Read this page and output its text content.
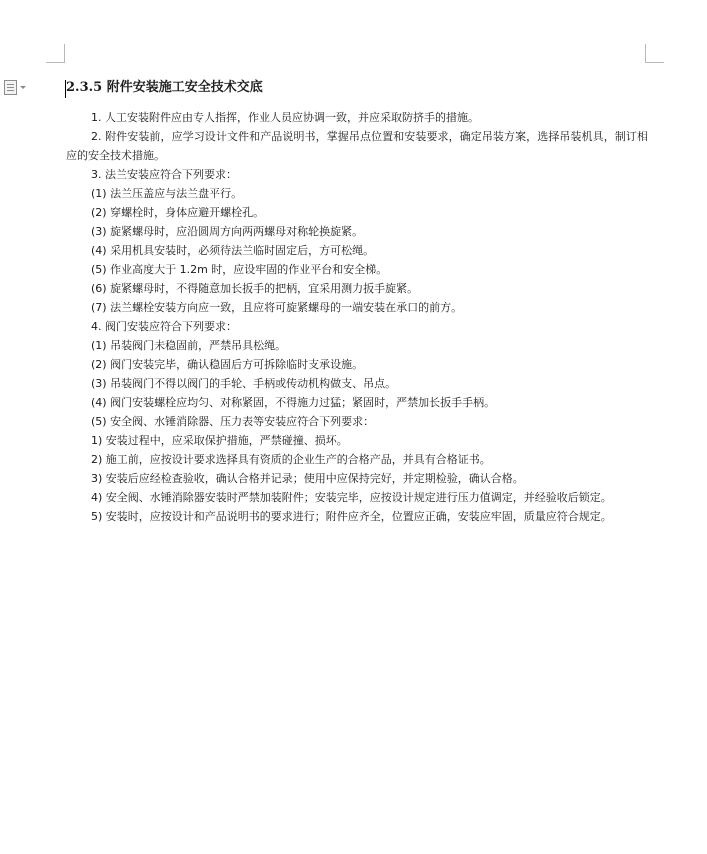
2.3.5 附件安装施工安全技术交底

1. 人工安装附件应由专人指挥，作业人员应协调一致，并应采取防挤手的措施。

2. 附件安装前，应学习设计文件和产品说明书，掌握吊点位置和安装要求，确定吊装方案，选择吊装机具，制订相应的安全技术措施。

3. 法兰安装应符合下列要求：

(1) 法兰压盖应与法兰盘平行。

(2) 穿螺栓时，身体应避开螺栓孔。

(3) 旋紧螺母时，应沿圆周方向两两螺母对称轮换旋紧。

(4) 采用机具安装时，必须待法兰临时固定后，方可松绳。

(5) 作业高度大于 1.2m 时，应设牢固的作业平台和安全梯。

(6) 旋紧螺母时，不得随意加长扳手的把柄，宜采用测力扳手旋紧。

(7) 法兰螺栓安装方向应一致，且应将可旋紧螺母的一端安装在承口的前方。

4. 阀门安装应符合下列要求：

(1) 吊装阀门未稳固前，严禁吊具松绳。

(2) 阀门安装完毕，确认稳固后方可拆除临时支承设施。

(3) 吊装阀门不得以阀门的手轮、手柄或传动机构做支、吊点。

(4) 阀门安装螺栓应均匀、对称紧固，不得施力过猛；紧固时，严禁加长扳手手柄。

(5) 安全阀、水锤消除器、压力表等安装应符合下列要求：

1) 安装过程中，应采取保护措施，严禁碰撞、损坏。

2) 施工前，应按设计要求选择具有资质的企业生产的合格产品，并具有合格证书。

3) 安装后应经检查验收，确认合格并记录；使用中应保持完好，并定期检验，确认合格。

4) 安全阀、水锤消除器安装时严禁加装附件；安装完毕，应按设计规定进行压力值调定，并经验收后锁定。

5) 安装时，应按设计和产品说明书的要求进行；附件应齐全，位置应正确，安装应牢固，质量应符合规定。
